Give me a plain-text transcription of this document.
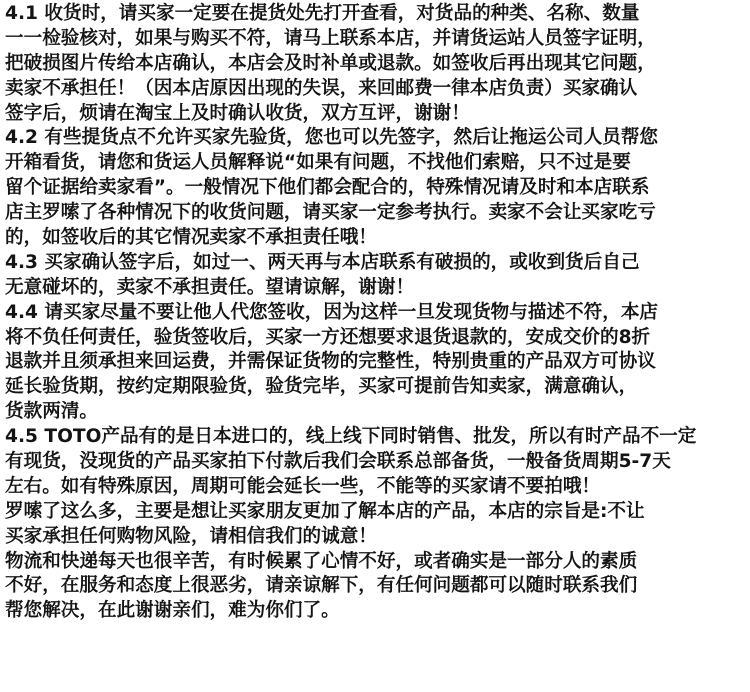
4.1 收货时，请买家一定要在提货处先打开查看，对货品的种类、名称、数量
一一检验核对，如果与购买不符，请马上联系本店，并请货运站人员签字证明，
把破损图片传给本店确认，本店会及时补单或退款。如签收后再出现其它问题，
卖家不承担任！（因本店原因出现的失误，来回邮费一律本店负责）买家确认
签字后，烦请在淘宝上及时确认收货，双方互评，谢谢！
4.2 有些提货点不允许买家先验货，您也可以先签字，然后让拖运公司人员帮您
开箱看货，请您和货运人员解释说“如果有问题，不找他们索赔，只不过是要
留个证据给卖家看”。一般情况下他们都会配合的，特殊情况请及时和本店联系
店主罗嗦了各种情况下的收货问题，请买家一定参考执行。卖家不会让买家吃亏
的，如签收后的其它情况卖家不承担责任哦！
4.3 买家确认签字后，如过一、两天再与本店联系有破损的，或收到货后自己
无意碰坏的，卖家不承担责任。望请谅解，谢谢！
4.4 请买家尽量不要让他人代您签收，因为这样一旦发现货物与描述不符，本店
将不负任何责任，验货签收后，买家一方还想要求退货退款的，安成交价的8折
退款并且须承担来回运费，并需保证货物的完整性，特别贵重的产品双方可协议
延长验货期，按约定期限验货，验货完毕，买家可提前告知卖家，满意确认，
货款两清。
4.5 TOTO产品有的是日本进口的，线上线下同时销售、批发，所以有时产品不一定
有现货，没现货的产品买家拍下付款后我们会联系总部备货，一般备货周期5-7天
左右。如有特殊原因，周期可能会延长一些，不能等的买家请不要拍哦！
罗嗦了这么多，主要是想让买家朋友更加了解本店的产品，本店的宗旨是:不让
买家承担任何购物风险，请相信我们的诚意！
物流和快递每天也很辛苦，有时候累了心情不好，或者确实是一部分人的素质
不好，在服务和态度上很恶劣，请亲谅解下，有任何问题都可以随时联系我们
帮您解决，在此谢谢亲们，难为你们了。
